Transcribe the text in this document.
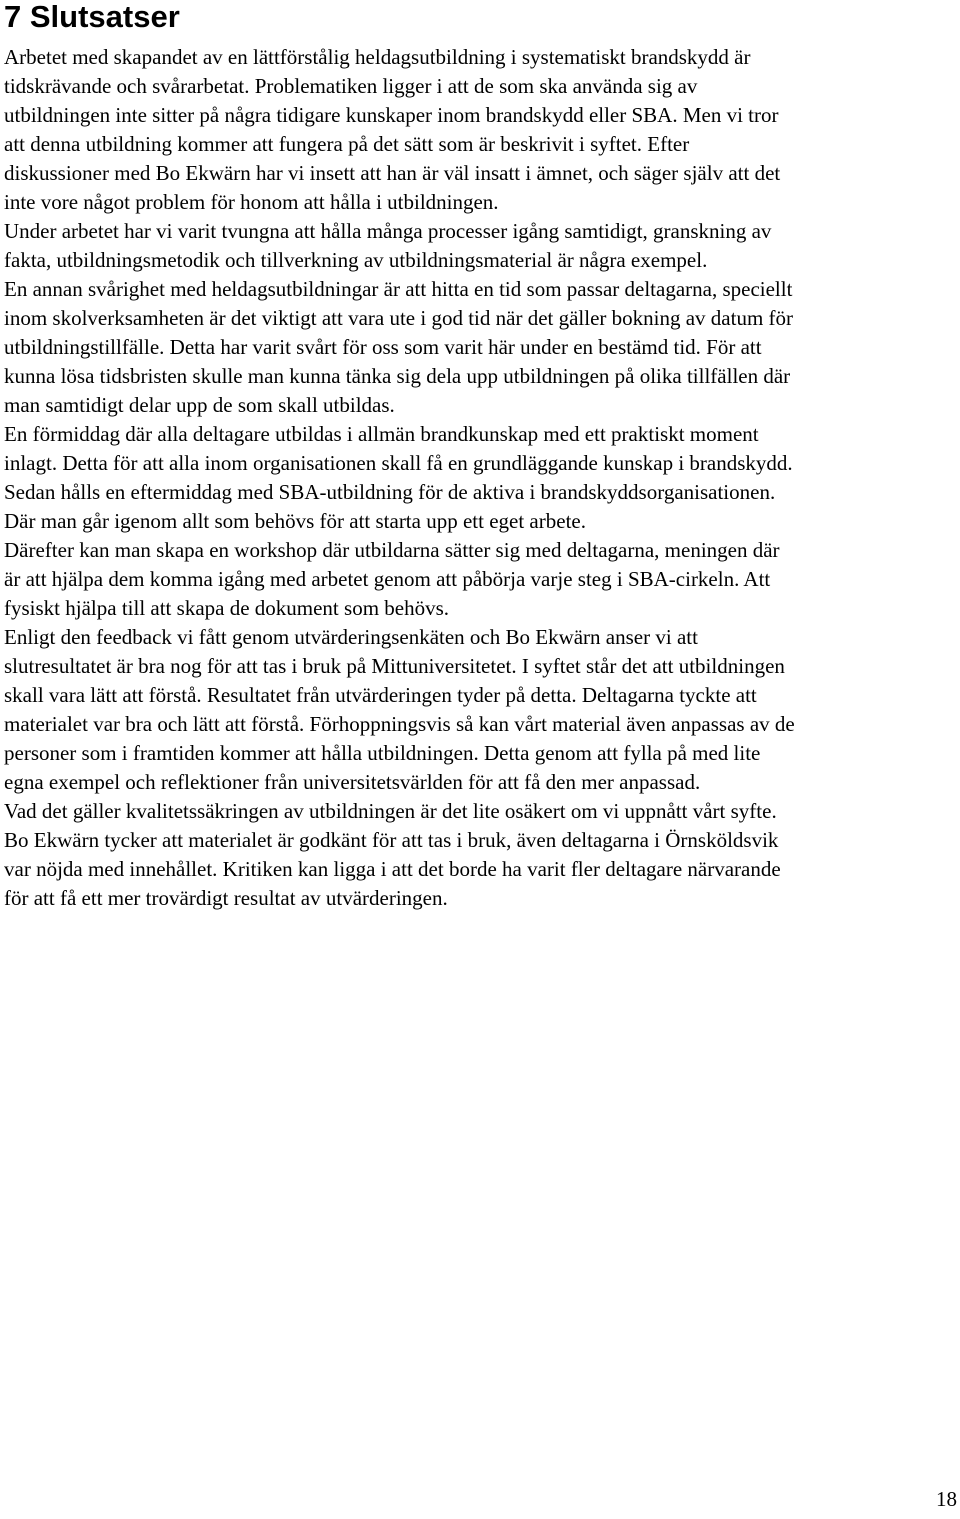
7 Slutsatser

Arbetet med skapandet av en lättförstålig heldagsutbildning i systematiskt brandskydd är

tidskrävande och svårarbetat. Problematiken ligger i att de som ska använda sig av

utbildningen inte sitter på några tidigare kunskaper inom brandskydd eller SBA. Men vi tror

att denna utbildning kommer att fungera på det sätt som är beskrivit i syftet. Efter

diskussioner med Bo Ekwärn har vi insett att han är väl insatt i ämnet, och säger själv att det

inte vore något problem för honom att hålla i utbildningen.

Under arbetet har vi varit tvungna att hålla många processer igång samtidigt, granskning av

fakta, utbildningsmetodik och tillverkning av utbildningsmaterial är några exempel.

En annan svårighet med heldagsutbildningar är att hitta en tid som passar deltagarna, speciellt

inom skolverksamheten är det viktigt att vara ute i god tid när det gäller bokning av datum för

utbildningstillfälle. Detta har varit svårt för oss som varit här under en bestämd tid. För att

kunna lösa tidsbristen skulle man kunna tänka sig dela upp utbildningen på olika tillfällen där

man samtidigt delar upp de som skall utbildas.

En förmiddag där alla deltagare utbildas i allmän brandkunskap med ett praktiskt moment

inlagt. Detta för att alla inom organisationen skall få en grundläggande kunskap i brandskydd.

Sedan hålls en eftermiddag med SBA-utbildning för de aktiva i brandskyddsorganisationen.

Där man går igenom allt som behövs för att starta upp ett eget arbete.

Därefter kan man skapa en workshop där utbildarna sätter sig med deltagarna, meningen där

är att hjälpa dem komma igång med arbetet genom att påbörja varje steg i SBA-cirkeln. Att

fysiskt hjälpa till att skapa de dokument som behövs.

Enligt den feedback vi fått genom utvärderingsenkäten och Bo Ekwärn anser vi att

slutresultatet är bra nog för att tas i bruk på Mittuniversitetet. I syftet står det att utbildningen

skall vara lätt att förstå. Resultatet från utvärderingen tyder på detta. Deltagarna tyckte att

materialet var bra och lätt att förstå. Förhoppningsvis så kan vårt material även anpassas av de

personer som i framtiden kommer att hålla utbildningen. Detta genom att fylla på med lite

egna exempel och reflektioner från universitetsvärlden för att få den mer anpassad.

Vad det gäller kvalitetssäkringen av utbildningen är det lite osäkert om vi uppnått vårt syfte.

Bo Ekwärn tycker att materialet är godkänt för att tas i bruk, även deltagarna i Örnsköldsvik

var nöjda med innehållet. Kritiken kan ligga i att det borde ha varit fler deltagare närvarande

för att få ett mer trovärdigt resultat av utvärderingen.

18
